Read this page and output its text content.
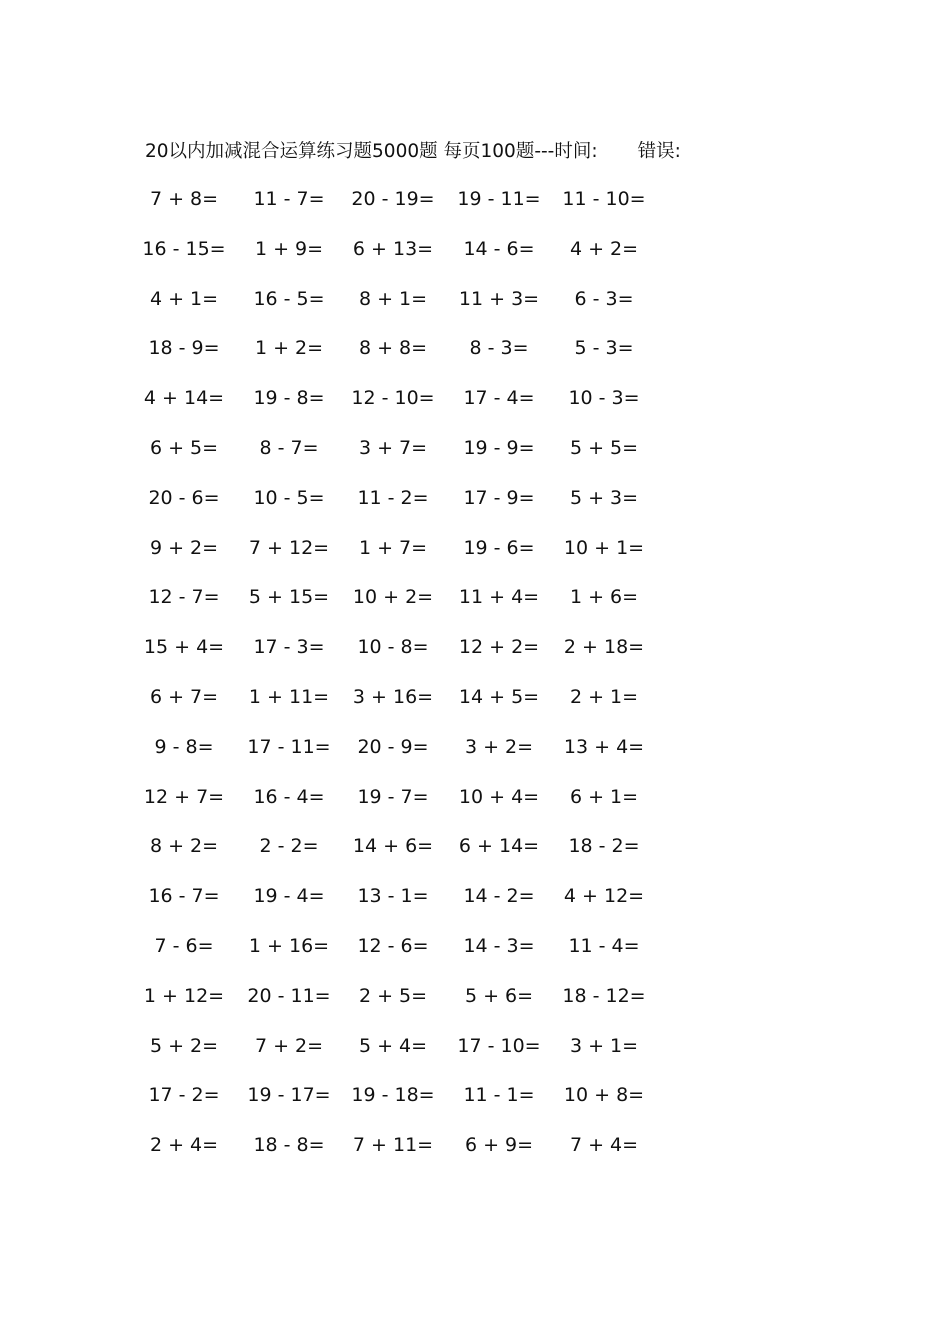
20以内加减混合运算练习题5000题 每页100题---时间: 错误:
7 + 8= 11 - 7= 20 - 19= 19 - 11= 11 - 10=
16 - 15= 1 + 9= 6 + 13= 14 - 6= 4 + 2=
4 + 1= 16 - 5= 8 + 1= 11 + 3= 6 - 3=
18 - 9= 1 + 2= 8 + 8= 8 - 3= 5 - 3=
4 + 14= 19 - 8= 12 - 10= 17 - 4= 10 - 3=
6 + 5= 8 - 7= 3 + 7= 19 - 9= 5 + 5=
20 - 6= 10 - 5= 11 - 2= 17 - 9= 5 + 3=
9 + 2= 7 + 12= 1 + 7= 19 - 6= 10 + 1=
12 - 7= 5 + 15= 10 + 2= 11 + 4= 1 + 6=
15 + 4= 17 - 3= 10 - 8= 12 + 2= 2 + 18=
6 + 7= 1 + 11= 3 + 16= 14 + 5= 2 + 1=
9 - 8= 17 - 11= 20 - 9= 3 + 2= 13 + 4=
12 + 7= 16 - 4= 19 - 7= 10 + 4= 6 + 1=
8 + 2= 2 - 2= 14 + 6= 6 + 14= 18 - 2=
16 - 7= 19 - 4= 13 - 1= 14 - 2= 4 + 12=
7 - 6= 1 + 16= 12 - 6= 14 - 3= 11 - 4=
1 + 12= 20 - 11= 2 + 5= 5 + 6= 18 - 12=
5 + 2= 7 + 2= 5 + 4= 17 - 10= 3 + 1=
17 - 2= 19 - 17= 19 - 18= 11 - 1= 10 + 8=
2 + 4= 18 - 8= 7 + 11= 6 + 9= 7 + 4=
